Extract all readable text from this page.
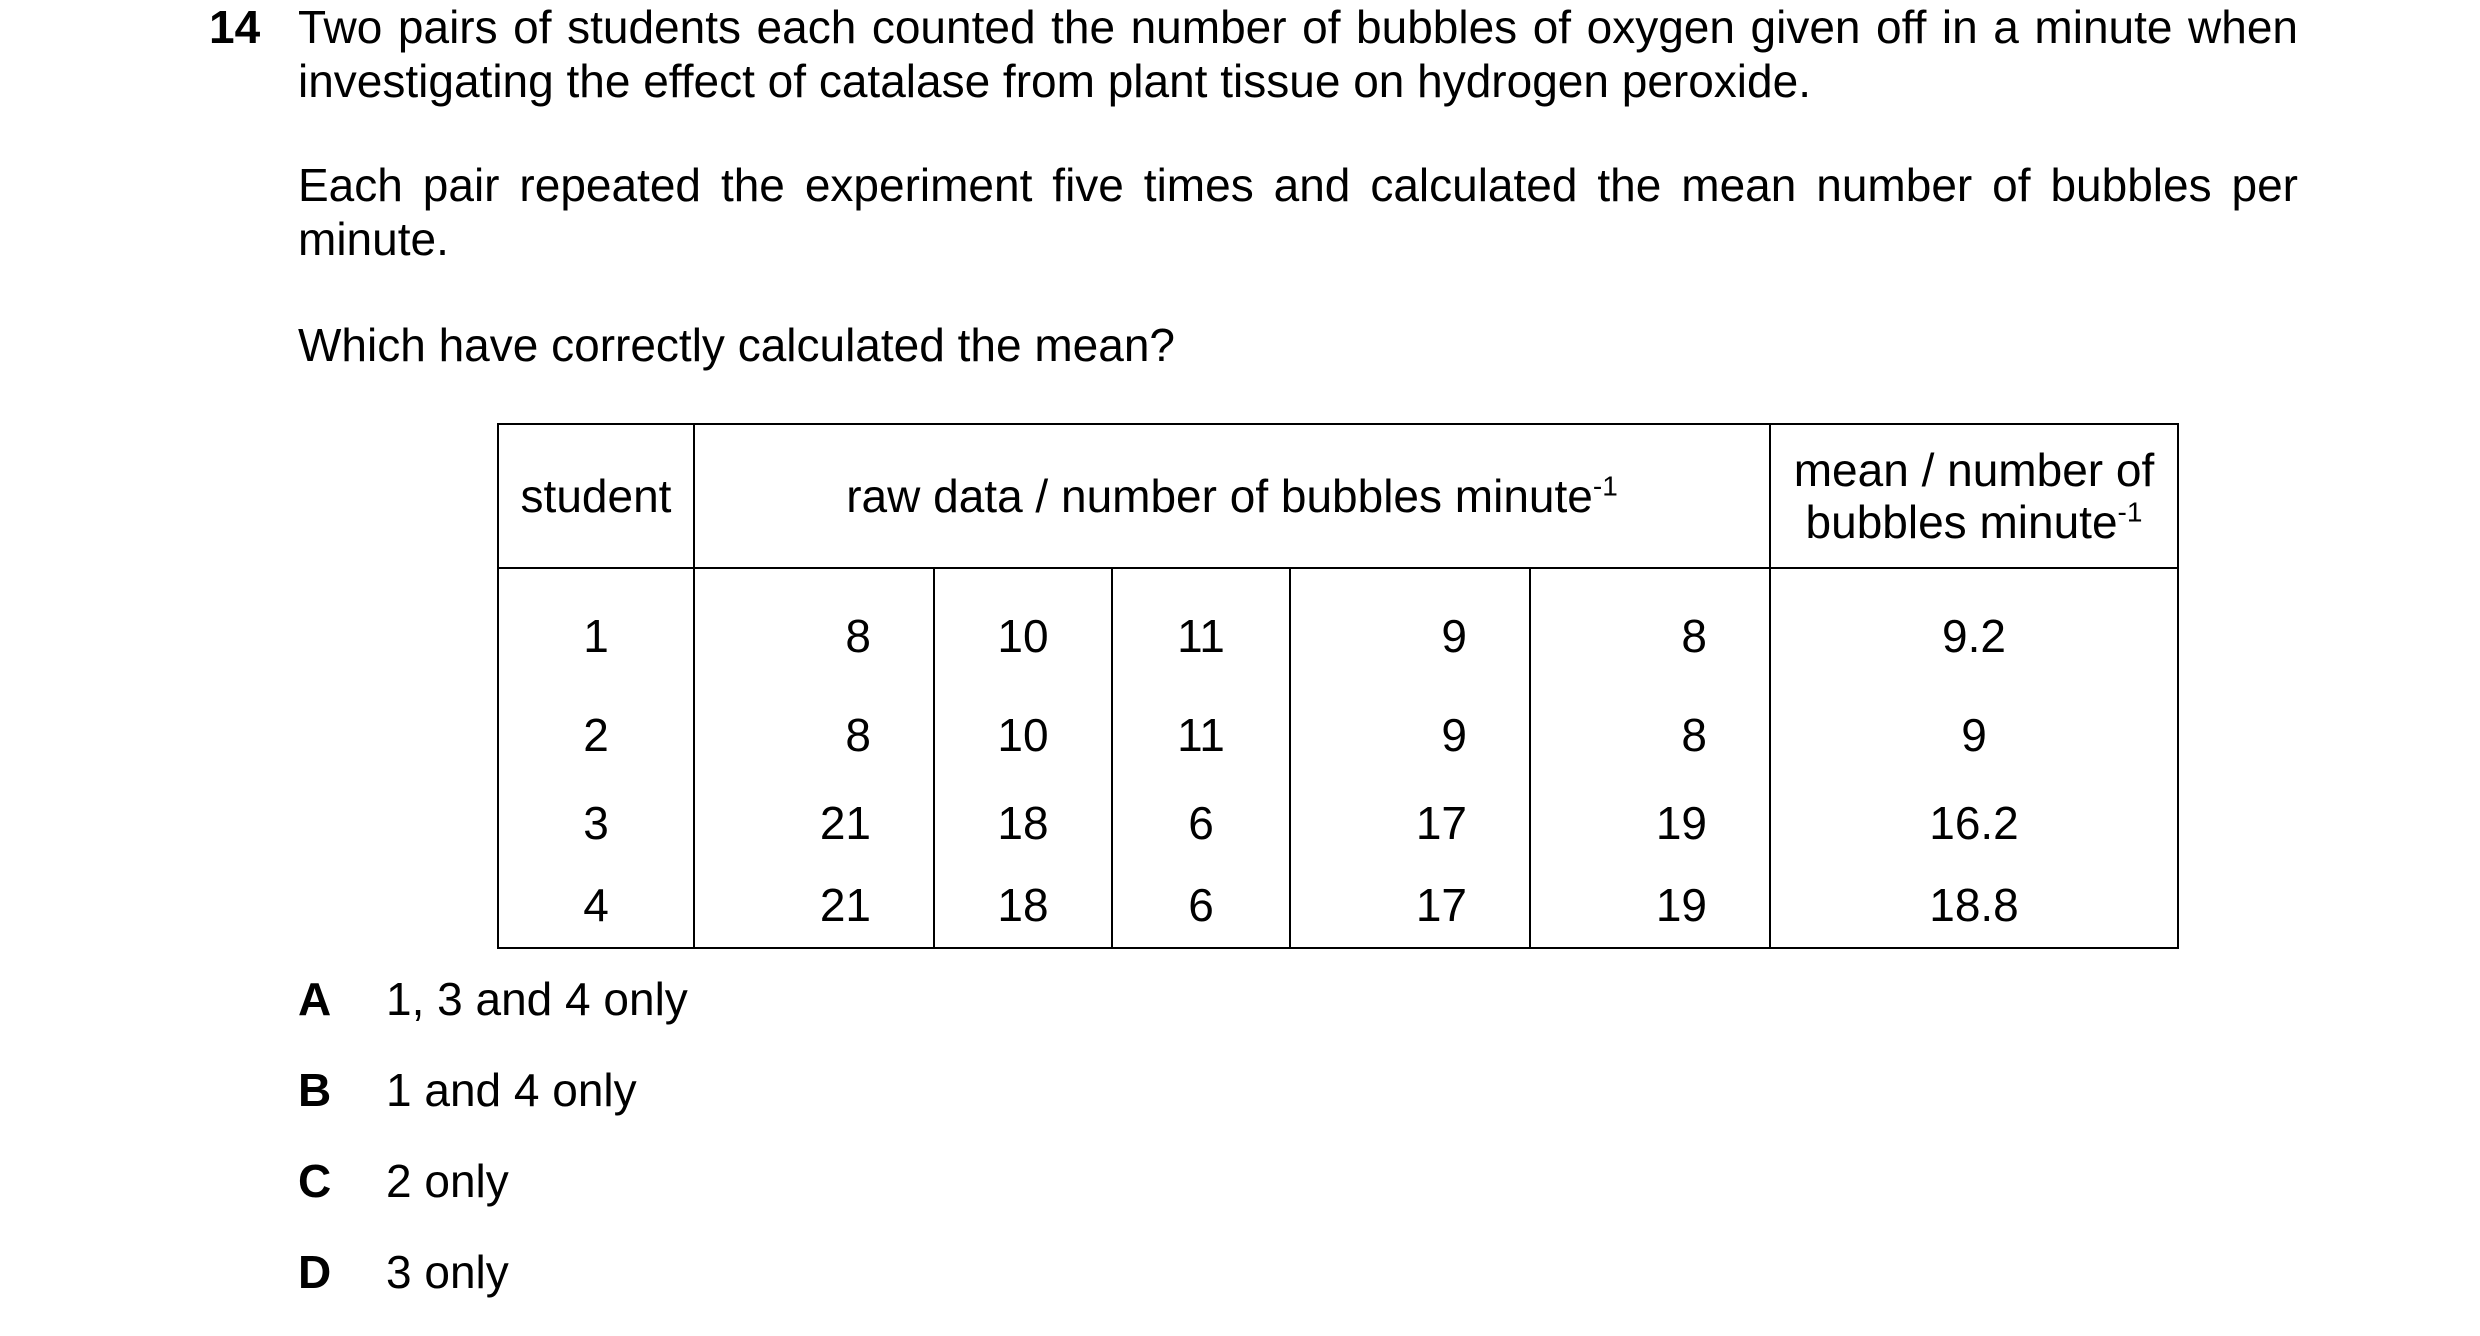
14 Two pairs of students each counted the number of bubbles of oxygen given off in a minute when investigating the effect of catalase from plant tissue on hydrogen peroxide.

Each pair repeated the experiment five times and calculated the mean number of bubbles per minute.

Which have correctly calculated the mean?

student	raw data / number of bubbles minute$^{-1}$					mean / number of
bubbles minute$^{-1}$
1	8	10	11	9	8	9.2
2	8	10	11	9	8	9
3	21	18	6	17	19	16.2
4	21	18	6	17	19	18.8
A	1, 3 and 4 only
B	1 and 4 only
C	2 only
D	3 only
